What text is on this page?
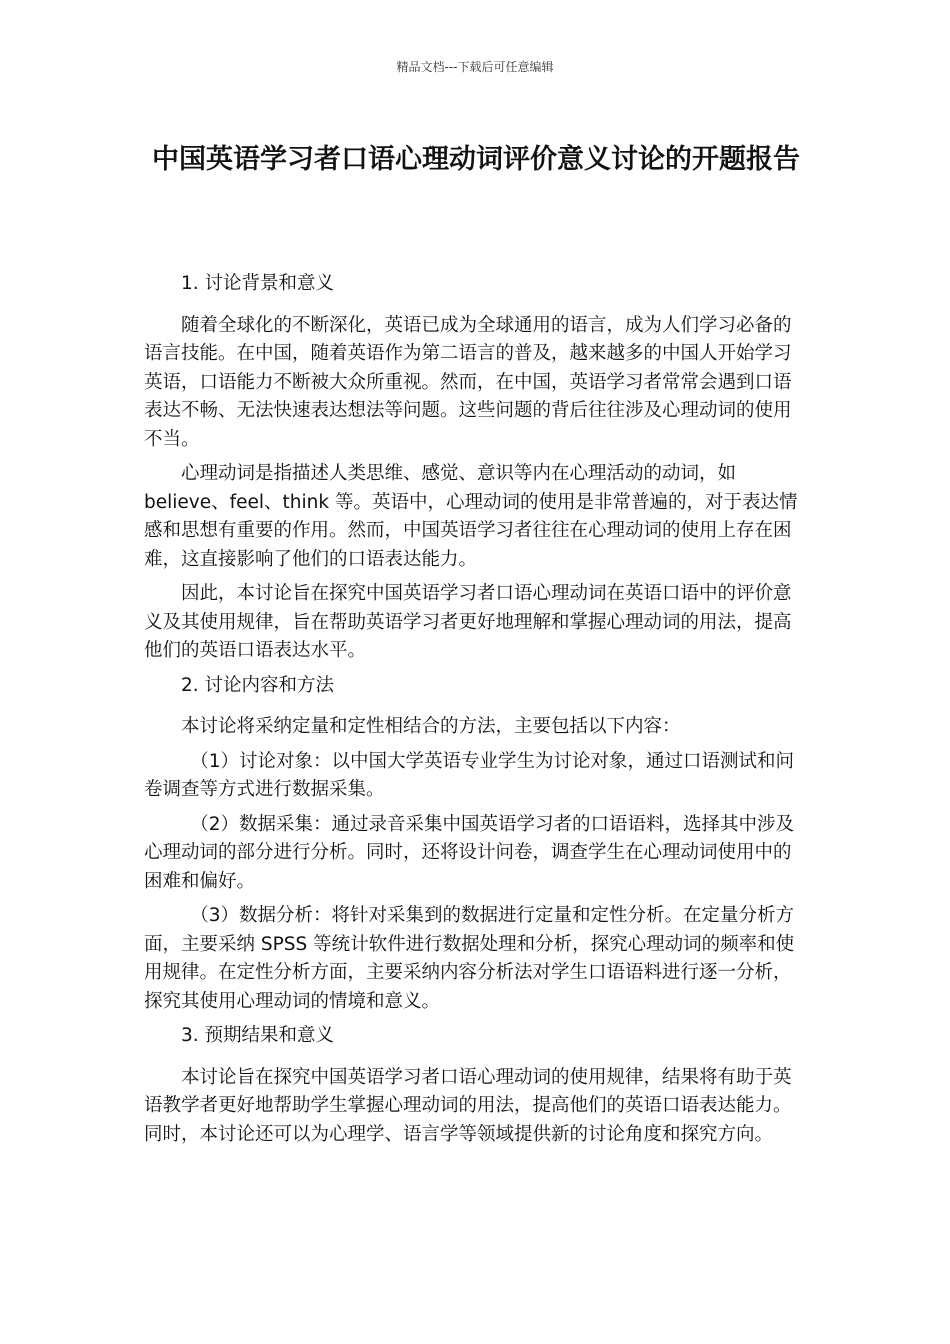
精品文档---下载后可任意编辑
中国英语学习者口语心理动词评价意义讨论的开题报告

1. 讨论背景和意义

随着全球化的不断深化，英语已成为全球通用的语言，成为人们学习必备的语言技能。在中国，随着英语作为第二语言的普及，越来越多的中国人开始学习英语，口语能力不断被大众所重视。然而，在中国，英语学习者常常会遇到口语表达不畅、无法快速表达想法等问题。这些问题的背后往往涉及心理动词的使用不当。

心理动词是指描述人类思维、感觉、意识等内在心理活动的动词，如 believe、feel、think 等。英语中，心理动词的使用是非常普遍的，对于表达情感和思想有重要的作用。然而，中国英语学习者往往在心理动词的使用上存在困难，这直接影响了他们的口语表达能力。

因此，本讨论旨在探究中国英语学习者口语心理动词在英语口语中的评价意义及其使用规律，旨在帮助英语学习者更好地理解和掌握心理动词的用法，提高他们的英语口语表达水平。

2. 讨论内容和方法

本讨论将采纳定量和定性相结合的方法，主要包括以下内容：

（1）讨论对象：以中国大学英语专业学生为讨论对象，通过口语测试和问卷调查等方式进行数据采集。

（2）数据采集：通过录音采集中国英语学习者的口语语料，选择其中涉及心理动词的部分进行分析。同时，还将设计问卷，调查学生在心理动词使用中的困难和偏好。

（3）数据分析：将针对采集到的数据进行定量和定性分析。在定量分析方面，主要采纳 SPSS 等统计软件进行数据处理和分析，探究心理动词的频率和使用规律。在定性分析方面，主要采纳内容分析法对学生口语语料进行逐一分析，探究其使用心理动词的情境和意义。

3. 预期结果和意义

本讨论旨在探究中国英语学习者口语心理动词的使用规律，结果将有助于英语教学者更好地帮助学生掌握心理动词的用法，提高他们的英语口语表达能力。同时，本讨论还可以为心理学、语言学等领域提供新的讨论角度和探究方向。
